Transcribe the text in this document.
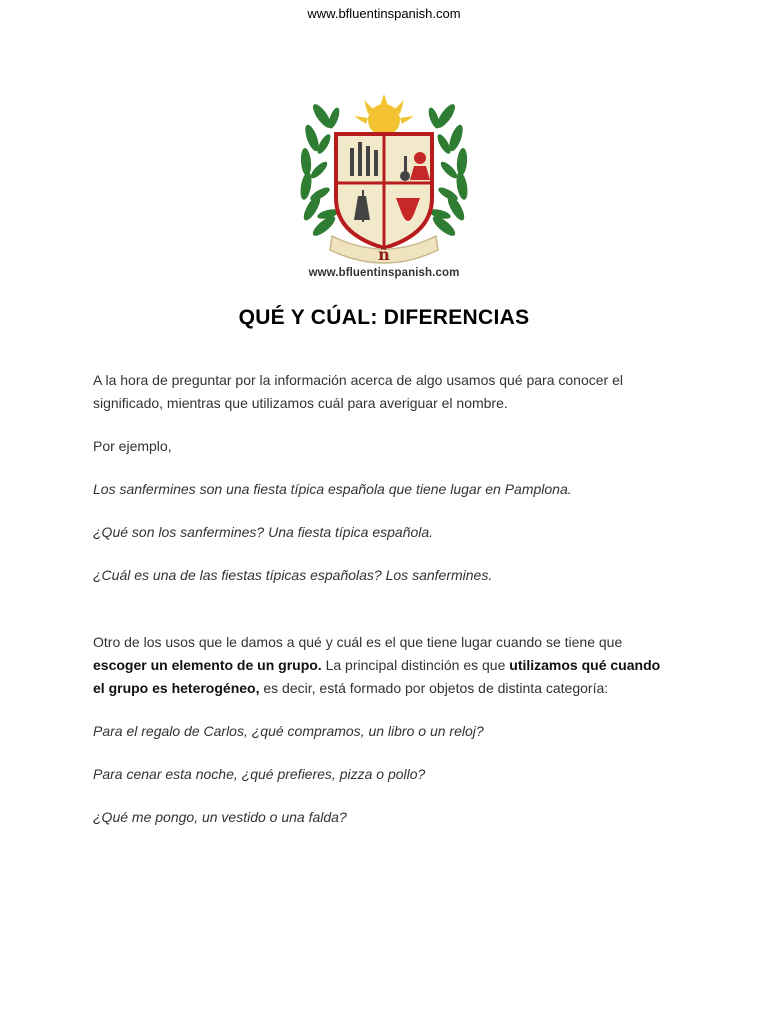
www.bfluentinspanish.com
ñ
www.bfluentinspanish.com
QUÉ Y CÚAL: DIFERENCIAS

A la hora de preguntar por la información acerca de algo usamos qué para conocer el significado, mientras que utilizamos cuál para averiguar el nombre.

Por ejemplo,

Los sanfermines son una fiesta típica española que tiene lugar en Pamplona.

¿Qué son los sanfermines? Una fiesta típica española.

¿Cuál es una de las fiestas típicas españolas? Los sanfermines.

Otro de los usos que le damos a qué y cuál es el que tiene lugar cuando se tiene que escoger un elemento de un grupo. La principal distinción es que utilizamos qué cuando el grupo es heterogéneo, es decir, está formado por objetos de distinta categoría:

Para el regalo de Carlos, ¿qué compramos, un libro o un reloj?

Para cenar esta noche, ¿qué prefieres, pizza o pollo?

¿Qué me pongo, un vestido o una falda?
